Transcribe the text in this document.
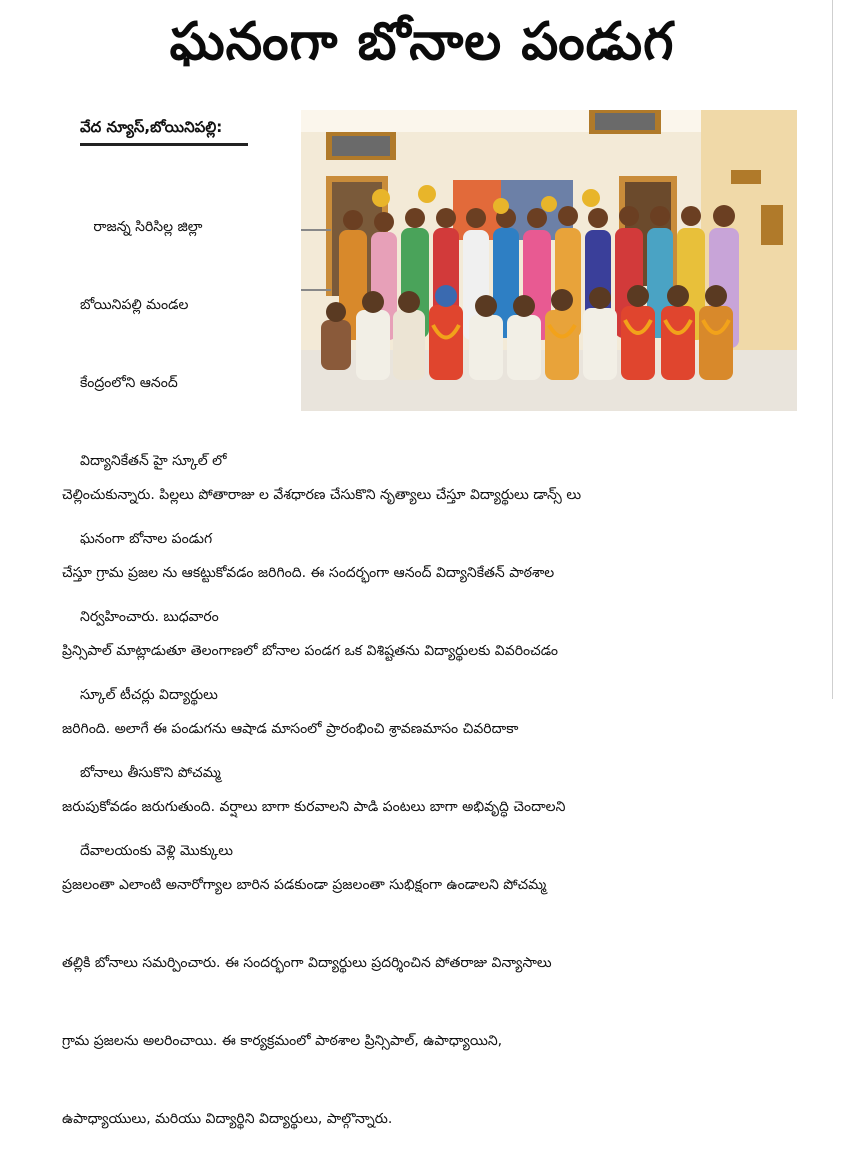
ఘనంగా బోనాల పండుగ
వేద న్యూస్,బోయినిపల్లి:

రాజన్న సిరిసిల్ల జిల్లా

బోయినిపల్లి మండల

కేంద్రంలోని ఆనంద్

విద్యానికేతన్ హై స్కూల్ లో

ఘనంగా బోనాల పండుగ

నిర్వహించారు. బుధవారం

స్కూల్ టీచర్లు విద్యార్థులు

బోనాలు తీసుకొని పోచమ్మ

దేవాలయంకు వెళ్లి మొక్కులు

చెల్లించుకున్నారు. పిల్లలు పోతారాజు ల వేశధారణ చేసుకొని నృత్యాలు చేస్తూ విద్యార్థులు డాన్స్ లు

చేస్తూ గ్రామ ప్రజల ను ఆకట్టుకోవడం జరిగింది. ఈ సందర్భంగా ఆనంద్ విద్యానికేతన్ పాఠశాల

ప్రిన్సిపాల్ మాట్లాడుతూ తెలంగాణలో బోనాల పండగ ఒక విశిష్టతను విద్యార్థులకు వివరించడం

జరిగింది. అలాగే ఈ పండుగను ఆషాడ మాసంలో ప్రారంభించి శ్రావణమాసం చివరిదాకా

జరుపుకోవడం జరుగుతుంది. వర్షాలు బాగా కురవాలని పాడి పంటలు బాగా అభివృద్ధి చెందాలని

ప్రజలంతా ఎలాంటి అనారోగ్యాల బారిన పడకుండా ప్రజలంతా సుభిక్షంగా ఉండాలని పోచమ్మ

తల్లికి బోనాలు సమర్పించారు. ఈ సందర్భంగా విద్యార్థులు ప్రదర్శించిన పోతరాజు విన్యాసాలు

గ్రామ ప్రజలను అలరించాయి. ఈ కార్యక్రమంలో పాఠశాల ప్రిన్సిపాల్, ఉపాధ్యాయిని,

ఉపాధ్యాయులు, మరియు విద్యార్థిని విద్యార్థులు, పాల్గొన్నారు.
